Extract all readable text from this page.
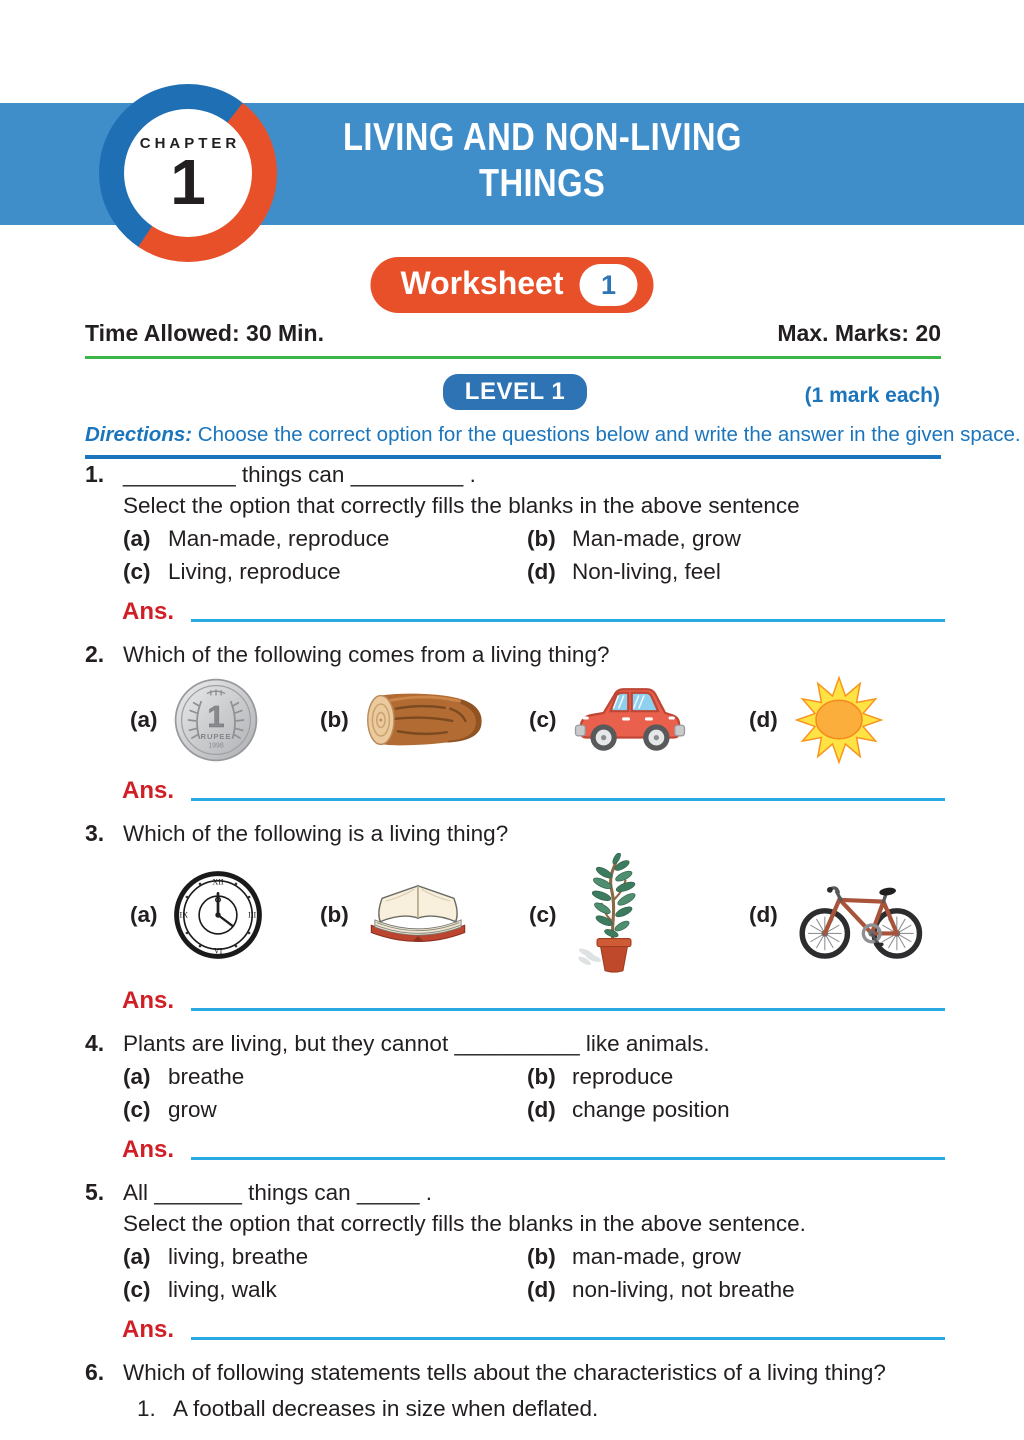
CHAPTER
1
LIVING AND NON-LIVING
THINGS
Worksheet	1
Time Allowed: 30 Min.	Max. Marks: 20
LEVEL 1	(1 mark each)
Directions: Choose the correct option for the questions below and write the answer in the given space.
1. _________ things can _________ .
Select the option that correctly fills the blanks in the above sentence
(a) Man-made, reproduce	(b) Man-made, grow
(c) Living, reproduce	(d) Non-living, feel
Ans.
2. Which of the following comes from a living thing?
(a) 1
RUPEE
1998
(b)	(c)	(d)
Ans.
3. Which of the following is a living thing?
(a)
XII
III
VI
IX	(b)	(c)	(d)
Ans.
4. Plants are living, but they cannot __________ like animals.
(a) breathe	(b) reproduce
(c) grow	(d) change position
Ans.
5. All _______ things can _____ .
Select the option that correctly fills the blanks in the above sentence.
(a) living, breathe	(b) man-made, grow
(c) living, walk	(d) non-living, not breathe
Ans.
6. Which of following statements tells about the characteristics of a living thing?
1. A football decreases in size when deflated.
